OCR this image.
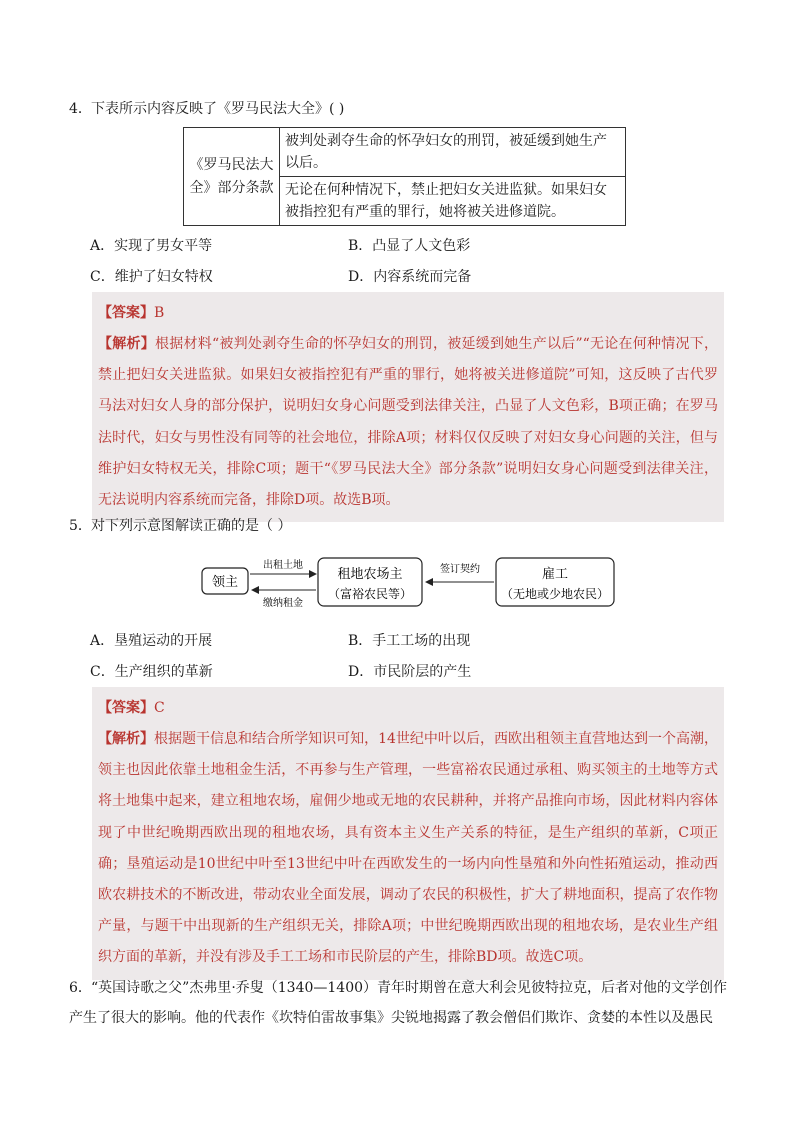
4．下表所示内容反映了《罗马民法大全》( )
《罗马民法大全》部分条款	被判处剥夺生命的怀孕妇女的刑罚，被延缓到她生产以后。
无论在何种情况下，禁止把妇女关进监狱。如果妇女被指控犯有严重的罪行，她将被关进修道院。
A．实现了男女平等	B．凸显了人文色彩
C．维护了妇女特权	D．内容系统而完备
【答案】B
【解析】根据材料“被判处剥夺生命的怀孕妇女的刑罚，被延缓到她生产以后”“无论在何种情况下，禁止把妇女关进监狱。如果妇女被指控犯有严重的罪行，她将被关进修道院”可知，这反映了古代罗马法对妇女人身的部分保护，说明妇女身心问题受到法律关注，凸显了人文色彩，B项正确；在罗马法时代，妇女与男性没有同等的社会地位，排除A项；材料仅仅反映了对妇女身心问题的关注，但与维护妇女特权无关，排除C项；题干“《罗马民法大全》部分条款”说明妇女身心问题受到法律关注，无法说明内容系统而完备，排除D项。故选B项。
5．对下列示意图解读正确的是（ ）
领主
出租土地
缴纳租金
租地农场主
（富裕农民等）
签订契约	雇工
（无地或少地农民）
A．垦殖运动的开展	B．手工工场的出现
C．生产组织的革新	D．市民阶层的产生
【答案】C
【解析】根据题干信息和结合所学知识可知，14世纪中叶以后，西欧出租领主直营地达到一个高潮，领主也因此依靠土地租金生活，不再参与生产管理，一些富裕农民通过承租、购买领主的土地等方式将土地集中起来，建立租地农场，雇佣少地或无地的农民耕种，并将产品推向市场，因此材料内容体现了中世纪晚期西欧出现的租地农场，具有资本主义生产关系的特征，是生产组织的革新，C项正确；垦殖运动是10世纪中叶至13世纪中叶在西欧发生的一场内向性垦殖和外向性拓殖运动，推动西欧农耕技术的不断改进，带动农业全面发展，调动了农民的积极性，扩大了耕地面积，提高了农作物产量，与题干中出现新的生产组织无关，排除A项；中世纪晚期西欧出现的租地农场，是农业生产组织方面的革新，并没有涉及手工工场和市民阶层的产生，排除BD项。故选C项。
6．“英国诗歌之父”杰弗里·乔叟（1340—1400）青年时期曾在意大利会见彼特拉克，后者对他的文学创作产生了很大的影响。他的代表作《坎特伯雷故事集》尖锐地揭露了教会僧侣们欺诈、贪婪的本性以及愚民
